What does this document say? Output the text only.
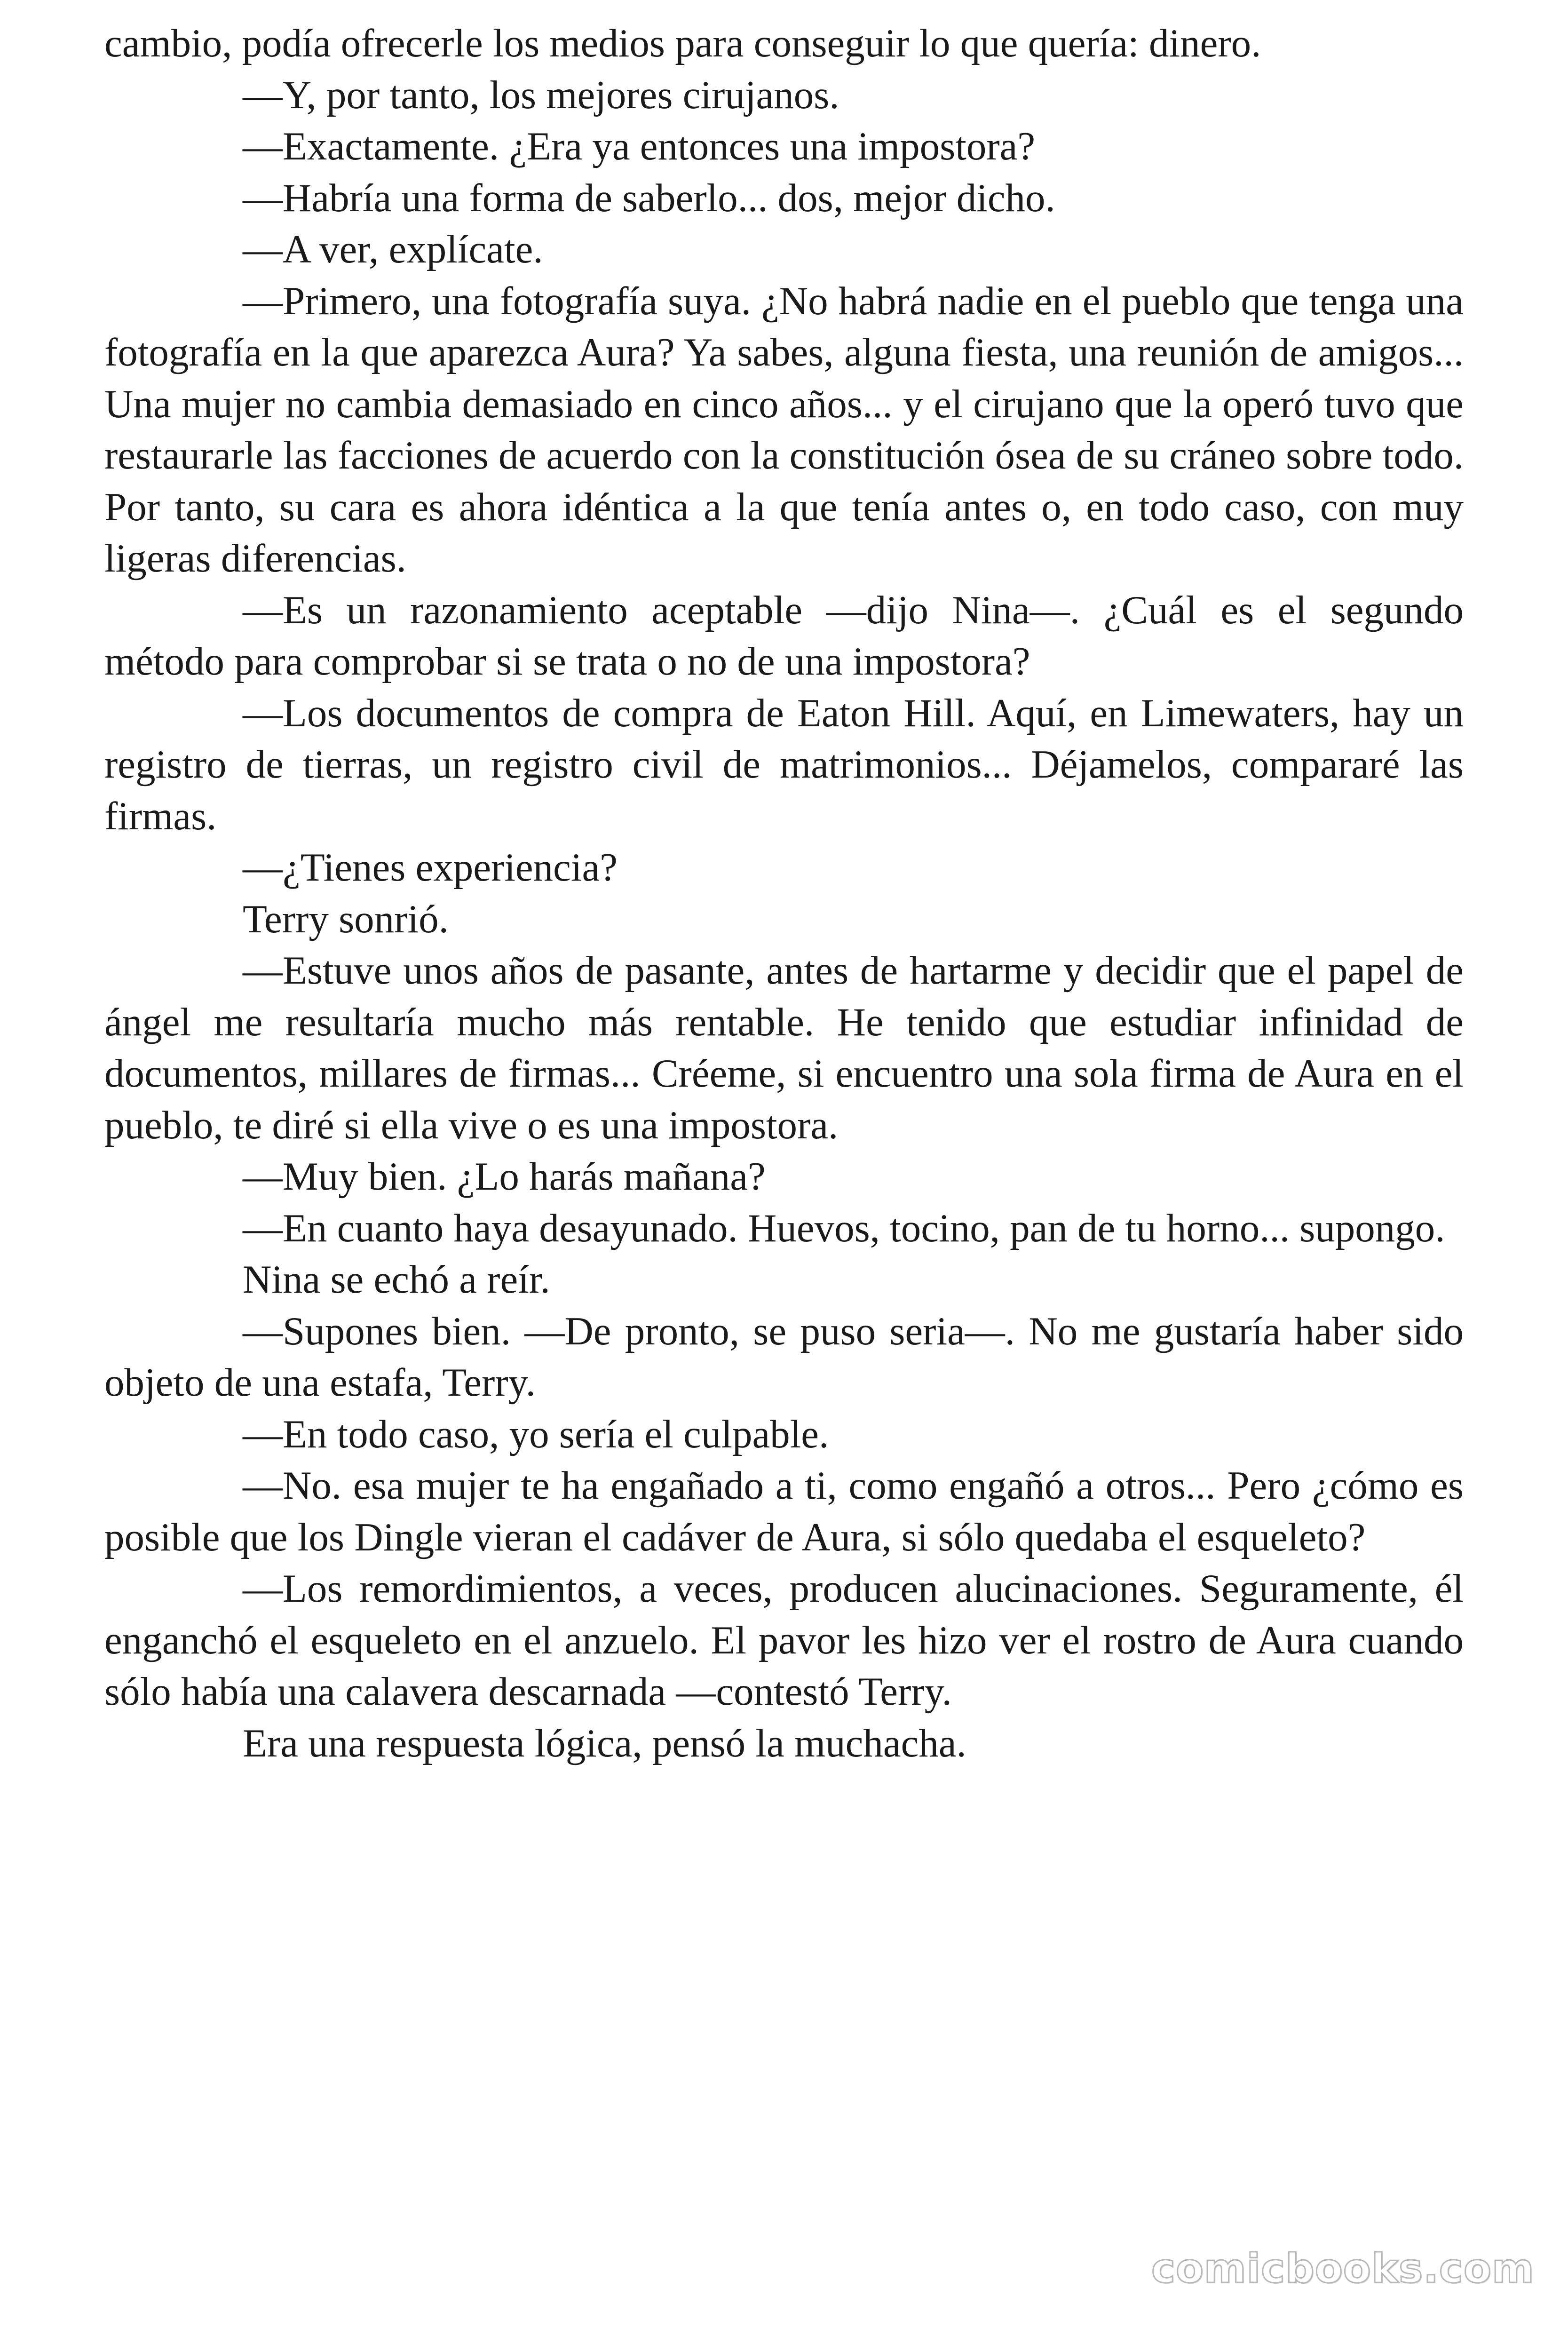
cambio, podía ofrecerle los medios para conseguir lo que quería: dinero.

—Y, por tanto, los mejores cirujanos.

—Exactamente. ¿Era ya entonces una impostora?

—Habría una forma de saberlo... dos, mejor dicho.

—A ver, explícate.

—Primero, una fotografía suya. ¿No habrá nadie en el pueblo que tenga una fotografía en la que aparezca Aura? Ya sabes, alguna fiesta, una reunión de amigos... Una mujer no cambia demasiado en cinco años... y el cirujano que la operó tuvo que restaurarle las facciones de acuerdo con la constitución ósea de su cráneo sobre todo. Por tanto, su cara es ahora idéntica a la que tenía antes o, en todo caso, con muy ligeras diferencias.

—Es un razonamiento aceptable —dijo Nina—. ¿Cuál es el segundo método para comprobar si se trata o no de una impostora?

—Los documentos de compra de Eaton Hill. Aquí, en Limewaters, hay un registro de tierras, un registro civil de matrimonios... Déjamelos, compararé las firmas.

—¿Tienes experiencia?

Terry sonrió.

—Estuve unos años de pasante, antes de hartarme y decidir que el papel de ángel me resultaría mucho más rentable. He tenido que estudiar infinidad de documentos, millares de firmas... Créeme, si encuentro una sola firma de Aura en el pueblo, te diré si ella vive o es una impostora.

—Muy bien. ¿Lo harás mañana?

—En cuanto haya desayunado. Huevos, tocino, pan de tu horno... supongo.

Nina se echó a reír.

—Supones bien. —De pronto, se puso seria—. No me gustaría haber sido objeto de una estafa, Terry.

—En todo caso, yo sería el culpable.

—No. esa mujer te ha engañado a ti, como engañó a otros... Pero ¿cómo es posible que los Dingle vieran el cadáver de Aura, si sólo quedaba el esqueleto?

—Los remordimientos, a veces, producen alucinaciones. Seguramente, él enganchó el esqueleto en el anzuelo. El pavor les hizo ver el rostro de Aura cuando sólo había una calavera descarnada —contestó Terry.

Era una respuesta lógica, pensó la muchacha.

comicbooks.com
